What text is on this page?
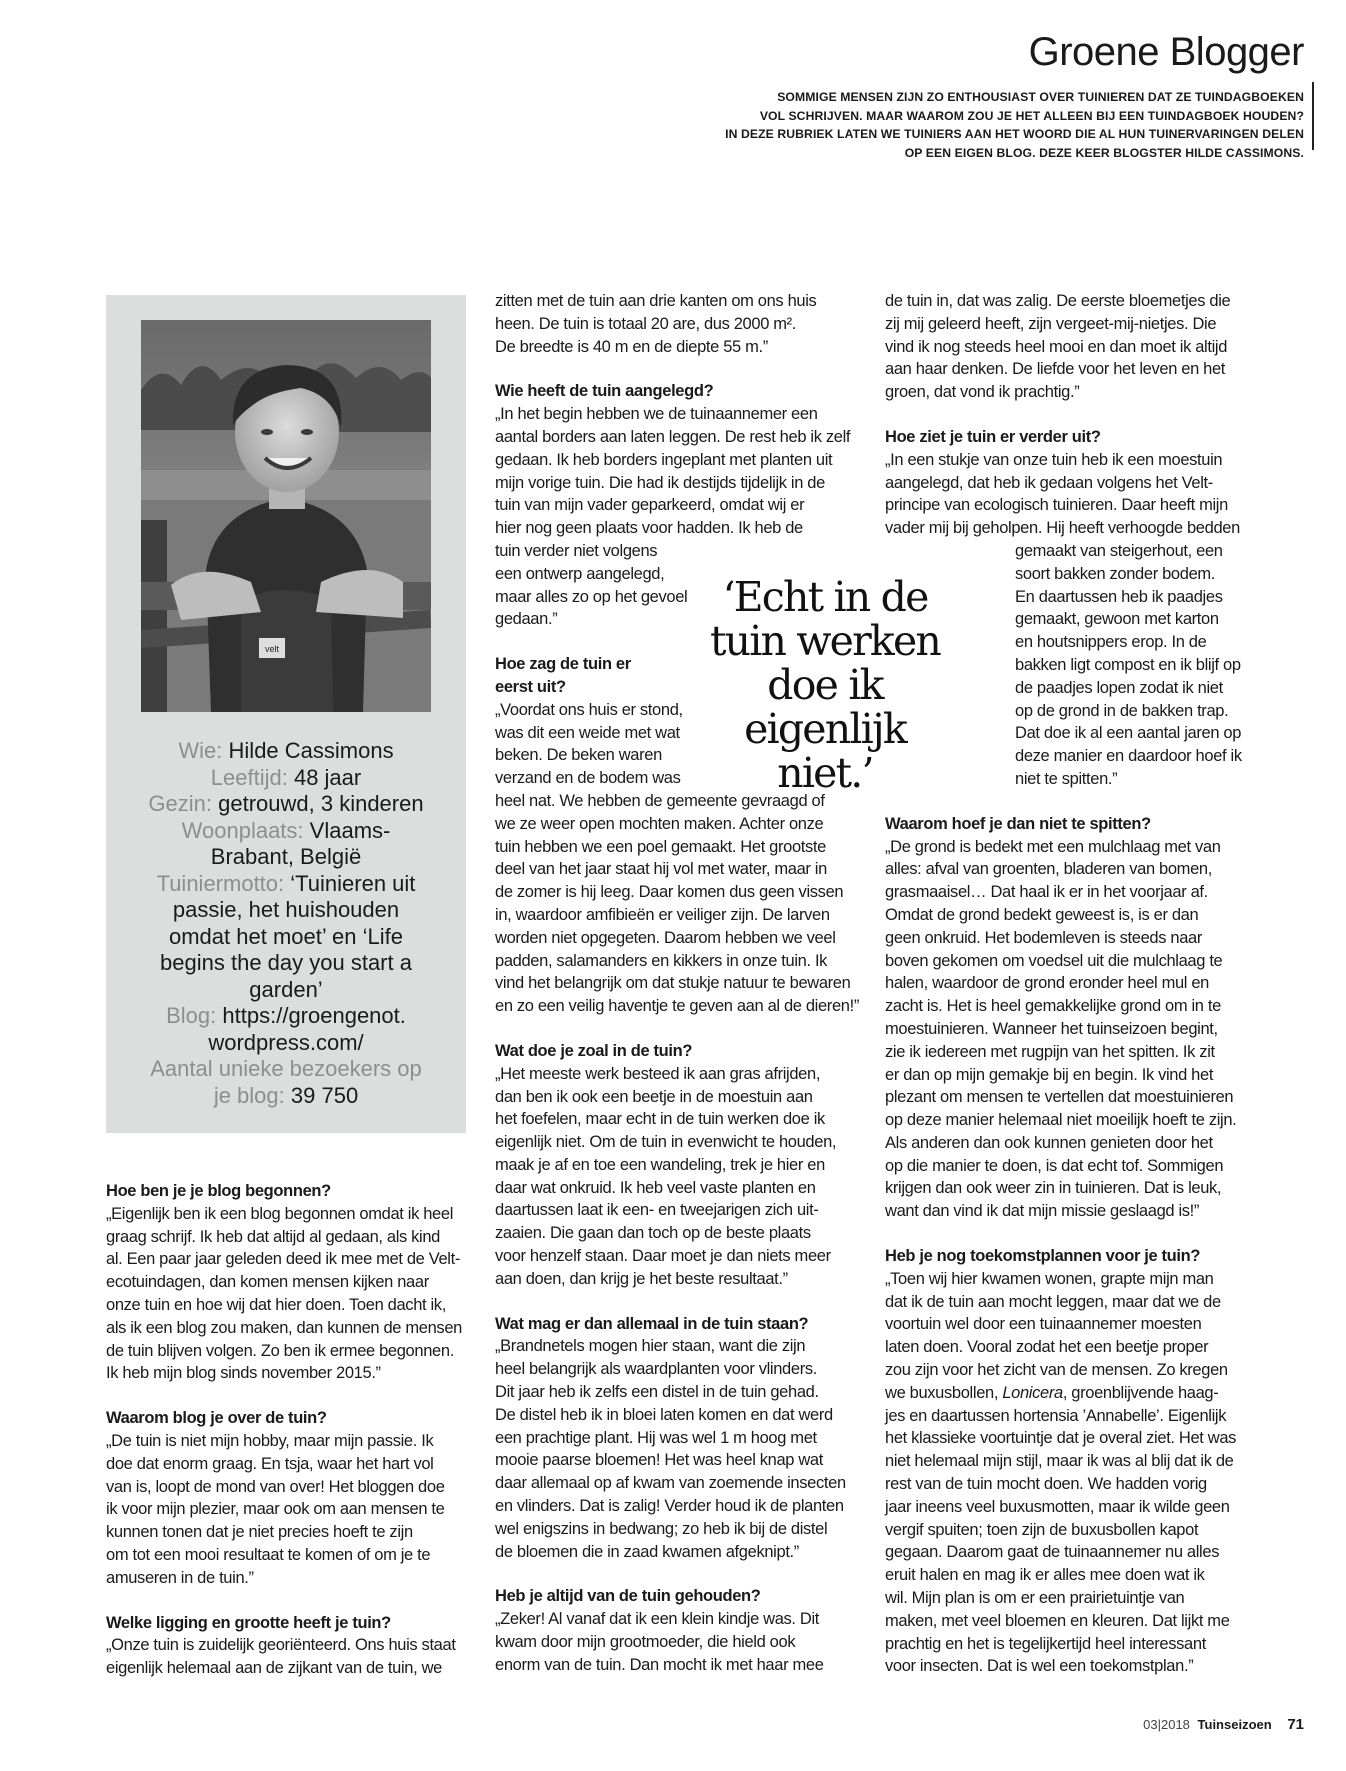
Groene Blogger

SOMMIGE MENSEN ZIJN ZO ENTHOUSIAST OVER TUINIEREN DAT ZE TUINDAGBOEKEN

VOL SCHRIJVEN. MAAR WAAROM ZOU JE HET ALLEEN BIJ EEN TUINDAGBOEK HOUDEN?

IN DEZE RUBRIEK LATEN WE TUINIERS AAN HET WOORD DIE AL HUN TUINERVARINGEN DELEN

OP EEN EIGEN BLOG. DEZE KEER BLOGSTER HILDE CASSIMONS.

velt
Wie: Hilde Cassimons
Leeftijd: 48 jaar
Gezin: getrouwd, 3 kinderen
Woonplaats: Vlaams-
Brabant, België
Tuiniermotto: ‘Tuinieren uit
passie, het huishouden
omdat het moet’ en ‘Life
begins the day you start a
garden’
Blog: https://groengenot.
wordpress.com/
Aantal unieke bezoekers op
je blog: 39 750
Hoe ben je je blog begonnen?

„Eigenlijk ben ik een blog begonnen omdat ik heel
graag schrijf. Ik heb dat altijd al gedaan, als kind
al. Een paar jaar geleden deed ik mee met de Velt-
ecotuindagen, dan komen mensen kijken naar
onze tuin en hoe wij dat hier doen. Toen dacht ik,
als ik een blog zou maken, dan kunnen de mensen
de tuin blijven volgen. Zo ben ik ermee begonnen.
Ik heb mijn blog sinds november 2015.”

Waarom blog je over de tuin?

„De tuin is niet mijn hobby, maar mijn passie. Ik
doe dat enorm graag. En tsja, waar het hart vol
van is, loopt de mond van over! Het bloggen doe
ik voor mijn plezier, maar ook om aan mensen te
kunnen tonen dat je niet precies hoeft te zijn
om tot een mooi resultaat te komen of om je te
amuseren in de tuin.”

Welke ligging en grootte heeft je tuin?

„Onze tuin is zuidelijk georiënteerd. Ons huis staat
eigenlijk helemaal aan de zijkant van de tuin, we

zitten met de tuin aan drie kanten om ons huis
heen. De tuin is totaal 20 are, dus 2000 m².
De breedte is 40 m en de diepte 55 m.”

Wie heeft de tuin aangelegd?

„In het begin hebben we de tuinaannemer een
aantal borders aan laten leggen. De rest heb ik zelf
gedaan. Ik heb borders ingeplant met planten uit
mijn vorige tuin. Die had ik destijds tijdelijk in de
tuin van mijn vader geparkeerd, omdat wij er
hier nog geen plaats voor hadden. Ik heb de
tuin verder niet volgens
een ontwerp aangelegd,
maar alles zo op het gevoel
gedaan.”

Hoe zag de tuin er
eerst uit?

„Voordat ons huis er stond,
was dit een weide met wat
beken. De beken waren
verzand en de bodem was
heel nat. We hebben de gemeente gevraagd of
we ze weer open mochten maken. Achter onze
tuin hebben we een poel gemaakt. Het grootste
deel van het jaar staat hij vol met water, maar in
de zomer is hij leeg. Daar komen dus geen vissen
in, waardoor amfibieën er veiliger zijn. De larven
worden niet opgegeten. Daarom hebben we veel
padden, salamanders en kikkers in onze tuin. Ik
vind het belangrijk om dat stukje natuur te bewaren
en zo een veilig haventje te geven aan al de dieren!”

Wat doe je zoal in de tuin?

„Het meeste werk besteed ik aan gras afrijden,
dan ben ik ook een beetje in de moestuin aan
het foefelen, maar echt in de tuin werken doe ik
eigenlijk niet. Om de tuin in evenwicht te houden,
maak je af en toe een wandeling, trek je hier en
daar wat onkruid. Ik heb veel vaste planten en
daartussen laat ik een- en tweejarigen zich uit-
zaaien. Die gaan dan toch op de beste plaats
voor henzelf staan. Daar moet je dan niets meer
aan doen, dan krijg je het beste resultaat.”

Wat mag er dan allemaal in de tuin staan?

„Brandnetels mogen hier staan, want die zijn
heel belangrijk als waardplanten voor vlinders.
Dit jaar heb ik zelfs een distel in de tuin gehad.
De distel heb ik in bloei laten komen en dat werd
een prachtige plant. Hij was wel 1 m hoog met
mooie paarse bloemen! Het was heel knap wat
daar allemaal op af kwam van zoemende insecten
en vlinders. Dat is zalig! Verder houd ik de planten
wel enigszins in bedwang; zo heb ik bij de distel
de bloemen die in zaad kwamen afgeknipt.”

Heb je altijd van de tuin gehouden?

„Zeker! Al vanaf dat ik een klein kindje was. Dit
kwam door mijn grootmoeder, die hield ook
enorm van de tuin. Dan mocht ik met haar mee

‘Echt in de
tuin werken
doe ik
eigenlijk niet.’

de tuin in, dat was zalig. De eerste bloemetjes die
zij mij geleerd heeft, zijn vergeet-mij-nietjes. Die
vind ik nog steeds heel mooi en dan moet ik altijd
aan haar denken. De liefde voor het leven en het
groen, dat vond ik prachtig.”

Hoe ziet je tuin er verder uit?

„In een stukje van onze tuin heb ik een moestuin
aangelegd, dat heb ik gedaan volgens het Velt-
principe van ecologisch tuinieren. Daar heeft mijn
vader mij bij geholpen. Hij heeft verhoogde bedden
gemaakt van steigerhout, een
soort bakken zonder bodem.
En daartussen heb ik paadjes
gemaakt, gewoon met karton
en houtsnippers erop. In de
bakken ligt compost en ik blijf op
de paadjes lopen zodat ik niet
op de grond in de bakken trap.
Dat doe ik al een aantal jaren op
deze manier en daardoor hoef ik
niet te spitten.”

Waarom hoef je dan niet te spitten?

„De grond is bedekt met een mulchlaag met van
alles: afval van groenten, bladeren van bomen,
grasmaaisel… Dat haal ik er in het voorjaar af.
Omdat de grond bedekt geweest is, is er dan
geen onkruid. Het bodemleven is steeds naar
boven gekomen om voedsel uit die mulchlaag te
halen, waardoor de grond eronder heel mul en
zacht is. Het is heel gemakkelijke grond om in te
moestuinieren. Wanneer het tuinseizoen begint,
zie ik iedereen met rugpijn van het spitten. Ik zit
er dan op mijn gemakje bij en begin. Ik vind het
plezant om mensen te vertellen dat moestuinieren
op deze manier helemaal niet moeilijk hoeft te zijn.
Als anderen dan ook kunnen genieten door het
op die manier te doen, is dat echt tof. Sommigen
krijgen dan ook weer zin in tuinieren. Dat is leuk,
want dan vind ik dat mijn missie geslaagd is!”

Heb je nog toekomstplannen voor je tuin?

„Toen wij hier kwamen wonen, grapte mijn man
dat ik de tuin aan mocht leggen, maar dat we de
voortuin wel door een tuinaannemer moesten
laten doen. Vooral zodat het een beetje proper
zou zijn voor het zicht van de mensen. Zo kregen
we buxusbollen, Lonicera, groenblijvende haag-
jes en daartussen hortensia ’Annabelle’. Eigenlijk
het klassieke voortuintje dat je overal ziet. Het was
niet helemaal mijn stijl, maar ik was al blij dat ik de
rest van de tuin mocht doen. We hadden vorig
jaar ineens veel buxusmotten, maar ik wilde geen
vergif spuiten; toen zijn de buxusbollen kapot
gegaan. Daarom gaat de tuinaannemer nu alles
eruit halen en mag ik er alles mee doen wat ik
wil. Mijn plan is om er een prairietuintje van
maken, met veel bloemen en kleuren. Dat lijkt me
prachtig en het is tegelijkertijd heel interessant
voor insecten. Dat is wel een toekomstplan.”

03|2018 Tuinseizoen 71
